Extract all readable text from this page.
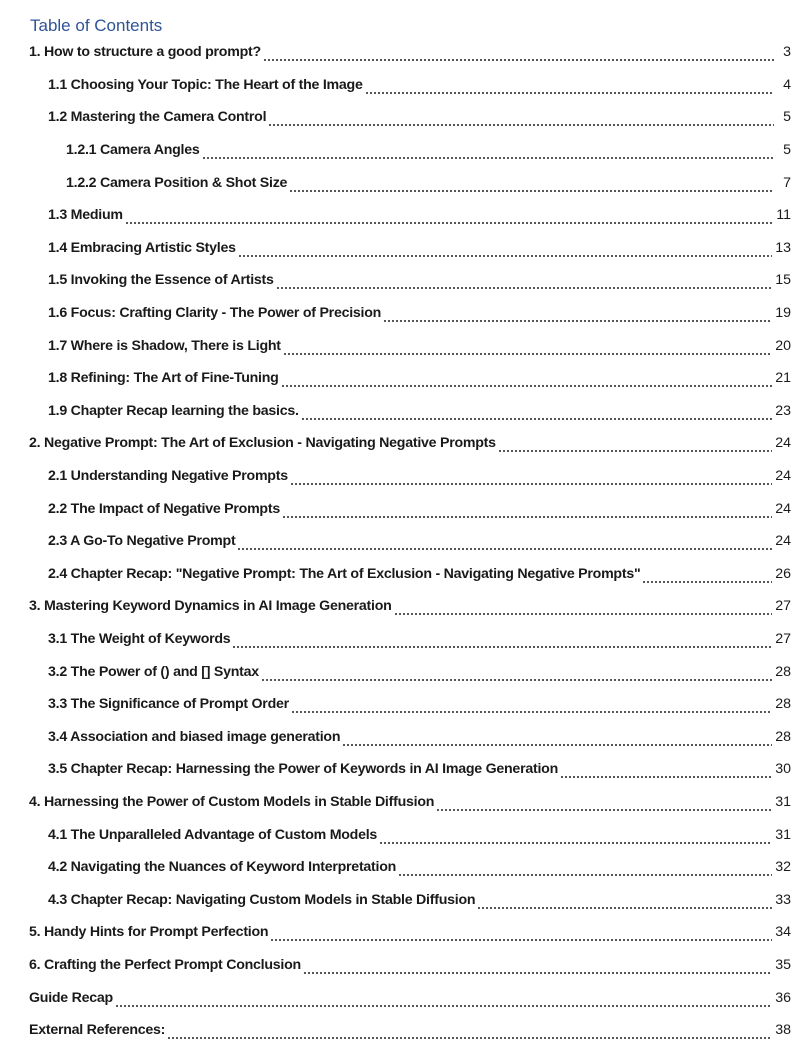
Table of Contents
1. How to structure a good prompt?	3
1.1 Choosing Your Topic: The Heart of the Image	4
1.2 Mastering the Camera Control	5
1.2.1 Camera Angles	5
1.2.2 Camera Position & Shot Size	7
1.3 Medium	11
1.4 Embracing Artistic Styles	13
1.5 Invoking the Essence of Artists	15
1.6 Focus: Crafting Clarity - The Power of Precision	19
1.7 Where is Shadow, There is Light	20
1.8 Refining: The Art of Fine-Tuning	21
1.9 Chapter Recap learning the basics.	23
2. Negative Prompt: The Art of Exclusion - Navigating Negative Prompts	24
2.1 Understanding Negative Prompts	24
2.2 The Impact of Negative Prompts	24
2.3 A Go-To Negative Prompt	24
2.4 Chapter Recap: "Negative Prompt: The Art of Exclusion - Navigating Negative Prompts"	26
3. Mastering Keyword Dynamics in AI Image Generation	27
3.1 The Weight of Keywords	27
3.2 The Power of () and [] Syntax	28
3.3 The Significance of Prompt Order	28
3.4 Association and biased image generation	28
3.5 Chapter Recap: Harnessing the Power of Keywords in AI Image Generation	30
4. Harnessing the Power of Custom Models in Stable Diffusion	31
4.1 The Unparalleled Advantage of Custom Models	31
4.2 Navigating the Nuances of Keyword Interpretation	32
4.3 Chapter Recap: Navigating Custom Models in Stable Diffusion	33
5. Handy Hints for Prompt Perfection	34
6. Crafting the Perfect Prompt Conclusion	35
Guide Recap	36
External References:	38
